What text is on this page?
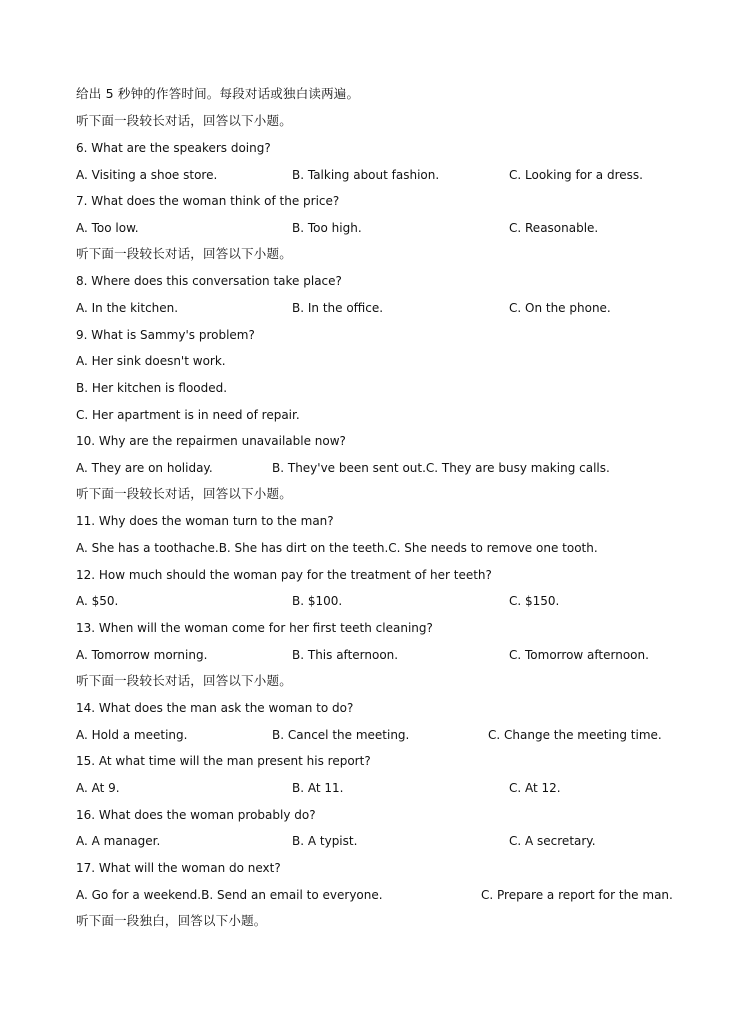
给出 5 秒钟的作答时间。每段对话或独白读两遍。
听下面一段较长对话，回答以下小题。
6. What are the speakers doing?
A. Visiting a shoe store.	B. Talking about fashion.	C. Looking for a dress.
7. What does the woman think of the price?
A. Too low.	B. Too high.	C. Reasonable.
听下面一段较长对话，回答以下小题。
8. Where does this conversation take place?
A. In the kitchen.	B. In the office.	C. On the phone.
9. What is Sammy's problem?
A. Her sink doesn't work.
B. Her kitchen is flooded.
C. Her apartment is in need of repair.
10. Why are the repairmen unavailable now?
A. They are on holiday.	B. They've been sent out.C. They are busy making calls.
听下面一段较长对话，回答以下小题。
11. Why does the woman turn to the man?
A. She has a toothache.B. She has dirt on the teeth.C. She needs to remove one tooth.
12. How much should the woman pay for the treatment of her teeth?
A. $50.	B. $100.	C. $150.
13. When will the woman come for her first teeth cleaning?
A. Tomorrow morning.	B. This afternoon.	C. Tomorrow afternoon.
听下面一段较长对话，回答以下小题。
14. What does the man ask the woman to do?
A. Hold a meeting.	B. Cancel the meeting.	C. Change the meeting time.
15. At what time will the man present his report?
A. At 9.	B. At 11.	C. At 12.
16. What does the woman probably do?
A. A manager.	B. A typist.	C. A secretary.
17. What will the woman do next?
A. Go for a weekend.B. Send an email to everyone.	C. Prepare a report for the man.
听下面一段独白，回答以下小题。
